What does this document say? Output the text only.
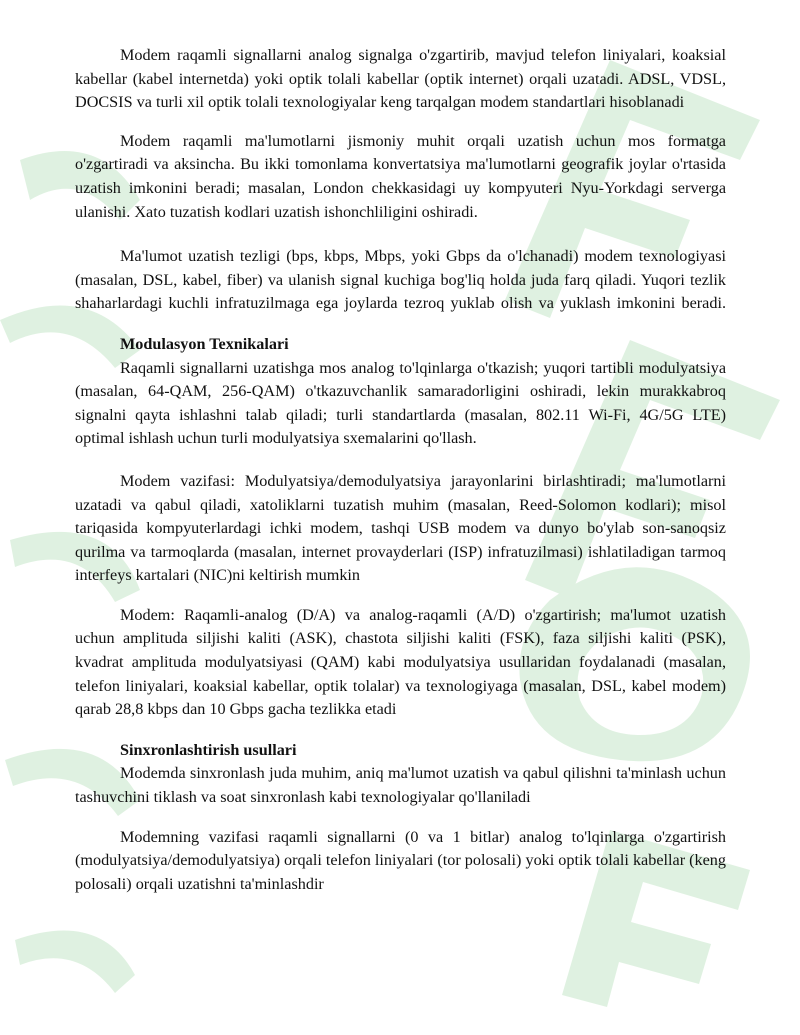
Modem raqamli signallarni analog signalga o'zgartirib, mavjud telefon liniyalari, koaksial kabellar (kabel internetda) yoki optik tolali kabellar (optik internet) orqali uzatadi. ADSL, VDSL, DOCSIS va turli xil optik tolali texnologiyalar keng tarqalgan modem standartlari hisoblanadi

Modem raqamli ma'lumotlarni jismoniy muhit orqali uzatish uchun mos formatga o'zgartiradi va aksincha. Bu ikki tomonlama konvertatsiya ma'lumotlarni geografik joylar o'rtasida uzatish imkonini beradi; masalan, London chekkasidagi uy kompyuteri Nyu-Yorkdagi serverga ulanishi. Xato tuzatish kodlari uzatish ishonchliligini oshiradi.

Ma'lumot uzatish tezligi (bps, kbps, Mbps, yoki Gbps da o'lchanadi) modem texnologiyasi (masalan, DSL, kabel, fiber) va ulanish signal kuchiga bog'liq holda juda farq qiladi. Yuqori tezlik shaharlardagi kuchli infratuzilmaga ega joylarda tezroq yuklab olish va yuklash imkonini beradi.

Modulasyon Texnikalari

Raqamli signallarni uzatishga mos analog to'lqinlarga o'tkazish; yuqori tartibli modulyatsiya (masalan, 64-QAM, 256-QAM) o'tkazuvchanlik samaradorligini oshiradi, lekin murakkabroq signalni qayta ishlashni talab qiladi; turli standartlarda (masalan, 802.11 Wi-Fi, 4G/5G LTE) optimal ishlash uchun turli modulyatsiya sxemalarini qo'llash.

Modem vazifasi: Modulyatsiya/demodulyatsiya jarayonlarini birlashtiradi; ma'lumotlarni uzatadi va qabul qiladi, xatoliklarni tuzatish muhim (masalan, Reed-Solomon kodlari); misol tariqasida kompyuterlardagi ichki modem, tashqi USB modem va dunyo bo'ylab son-sanoqsiz qurilma va tarmoqlarda (masalan, internet provayderlari (ISP) infratuzilmasi) ishlatiladigan tarmoq interfeys kartalari (NIC)ni keltirish mumkin

Modem: Raqamli-analog (D/A) va analog-raqamli (A/D) o'zgartirish; ma'lumot uzatish uchun amplituda siljishi kaliti (ASK), chastota siljishi kaliti (FSK), faza siljishi kaliti (PSK), kvadrat amplituda modulyatsiyasi (QAM) kabi modulyatsiya usullaridan foydalanadi (masalan, telefon liniyalari, koaksial kabellar, optik tolalar) va texnologiyaga (masalan, DSL, kabel modem) qarab 28,8 kbps dan 10 Gbps gacha tezlikka etadi

Sinxronlashtirish usullari

Modemda sinxronlash juda muhim, aniq ma'lumot uzatish va qabul qilishni ta'minlash uchun tashuvchini tiklash va soat sinxronlash kabi texnologiyalar qo'llaniladi

Modemning vazifasi raqamli signallarni (0 va 1 bitlar) analog to'lqinlarga o'zgartirish (modulyatsiya/demodulyatsiya) orqali telefon liniyalari (tor polosali) yoki optik tolali kabellar (keng polosali) orqali uzatishni ta'minlashdir
